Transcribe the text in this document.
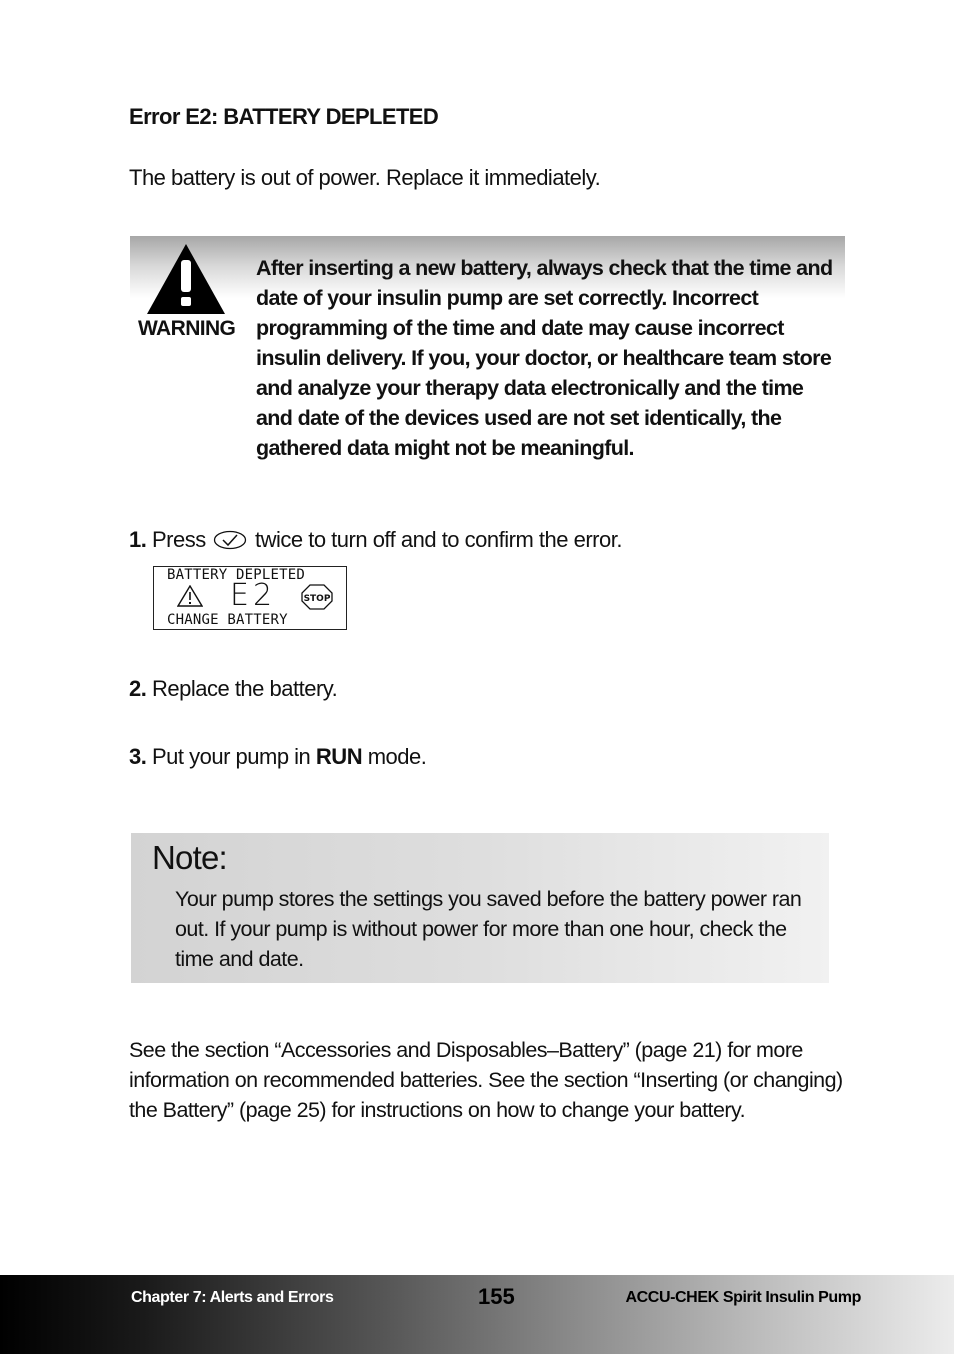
Error E2: BATTERY DEPLETED
The battery is out of power. Replace it immediately.
WARNING
After inserting a new battery, always check that the time and date of your insulin pump are set correctly. Incorrect programming of the time and date may cause incorrect insulin delivery. If you, your doctor, or healthcare team store and analyze your therapy data electronically and the time and date of the devices used are not set identically, the gathered data might not be meaningful.
1. Press twice to turn off and to confirm the error.
BATTERY DEPLETED
E2	STOP
CHANGE BATTERY
2. Replace the battery.
3. Put your pump in RUN mode.
Note:
Your pump stores the settings you saved before the battery power ran out. If your pump is without power for more than one hour, check the time and date.
See the section “Accessories and Disposables–Battery” (page 21) for more information on recommended batteries. See the section “Inserting (or changing) the Battery” (page 25) for instructions on how to change your battery.
Chapter 7: Alerts and Errors	155	ACCU-CHEK Spirit Insulin Pump
